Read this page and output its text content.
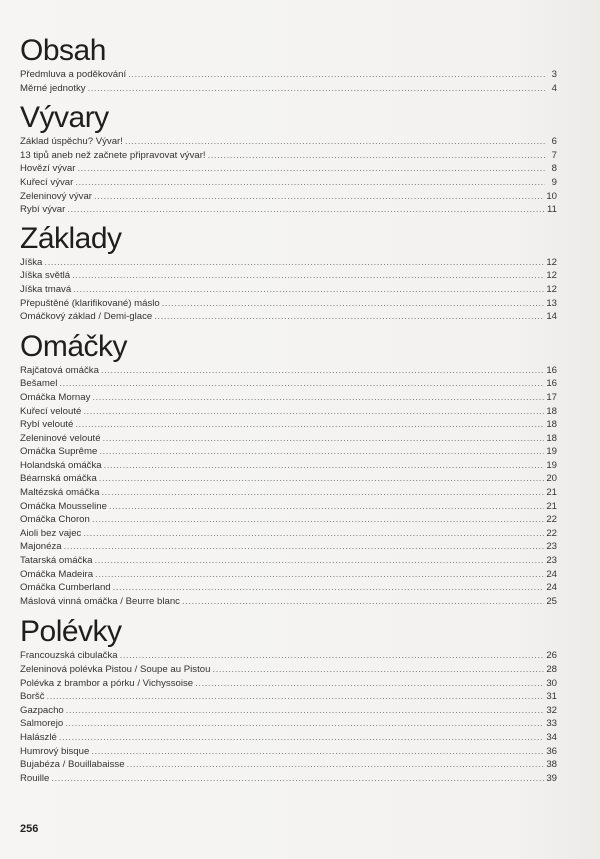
Obsah
Předmluva a poděkování .....	3
Měrné jednotky .....	4
Vývary
Základ úspěchu? Vývar! .....	6
13 tipů aneb než začnete připravovat vývar! .....	7
Hovězí vývar .....	8
Kuřecí vývar .....	9
Zeleninový vývar .....	10
Rybí vývar .....	11
Základy
Jíška .....	12
Jíška světlá .....	12
Jíška tmavá .....	12
Přepuštěné (klarifikované) máslo .....	13
Omáčkový základ / Demi-glace .....	14
Omáčky
Rajčatová omáčka .....	16
Bešamel .....	16
Omáčka Mornay .....	17
Kuřecí velouté .....	18
Rybí velouté .....	18
Zeleninové velouté .....	18
Omáčka Suprême .....	19
Holandská omáčka .....	19
Béarnská omáčka .....	20
Maltézská omáčka .....	21
Omáčka Mousseline .....	21
Omáčka Choron .....	22
Aioli bez vajec .....	22
Majonéza .....	23
Tatarská omáčka .....	23
Omáčka Madeira .....	24
Omáčka Cumberland .....	24
Máslová vinná omáčka / Beurre blanc .....	25
Polévky
Francouzská cibulačka .....	26
Zeleninová polévka Pistou / Soupe au Pistou .....	28
Polévka z brambor a pórku / Vichyssoise .....	30
Boršč .....	31
Gazpacho .....	32
Salmorejo .....	33
Halászlé .....	34
Humrový bisque .....	36
Bujabéza / Bouillabaisse .....	38
Rouille .....	39
256
